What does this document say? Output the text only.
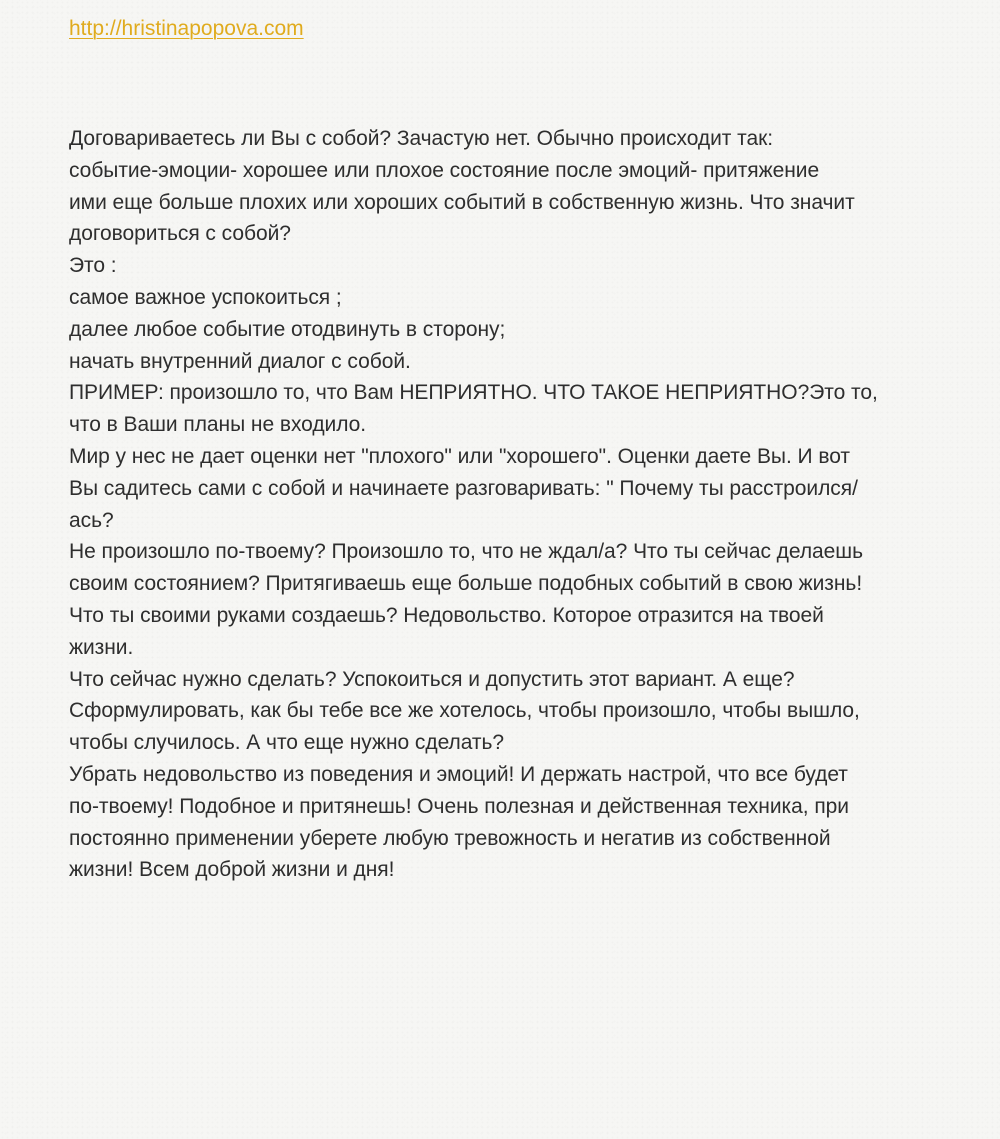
http://hristinapopova.com
Договариваетесь ли Вы с собой? Зачастую нет. Обычно происходит так:
событие-эмоции- хорошее или плохое состояние после эмоций- притяжение
ими еще больше плохих или хороших событий в собственную жизнь. Что значит
договориться с собой?
Это :
самое важное успокоиться ;
далее любое событие отодвинуть в сторону;
начать внутренний диалог с собой.
ПРИМЕР: произошло то, что Вам НЕПРИЯТНО. ЧТО ТАКОЕ НЕПРИЯТНО?Это то,
что в Ваши планы не входило.
Мир у нес не дает оценки нет "плохого" или "хорошего". Оценки даете Вы. И вот
Вы садитесь сами с собой и начинаете разговаривать: " Почему ты расстроился/
ась?
Не произошло по-твоему? Произошло то, что не ждал/а? Что ты сейчас делаешь
своим состоянием? Притягиваешь еще больше подобных событий в свою жизнь!
Что ты своими руками создаешь? Недовольство. Которое отразится на твоей
жизни.
Что сейчас нужно сделать? Успокоиться и допустить этот вариант. А еще?
Сформулировать, как бы тебе все же хотелось, чтобы произошло, чтобы вышло,
чтобы случилось. А что еще нужно сделать?
Убрать недовольство из поведения и эмоций! И держать настрой, что все будет
по-твоему! Подобное и притянешь! Очень полезная и действенная техника, при
постоянно применении уберете любую тревожность и негатив из собственной
жизни! Всем доброй жизни и дня!
